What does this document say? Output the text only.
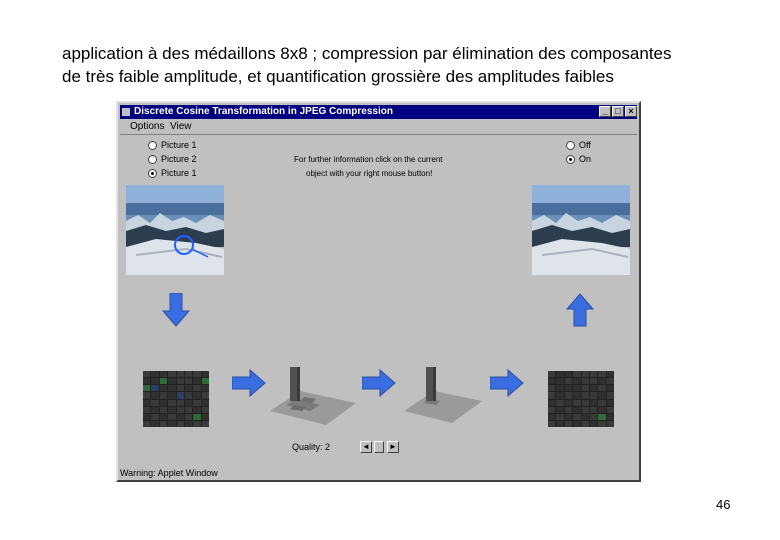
application à des médaillons 8x8 ; compression par élimination des composantes
de très faible amplitude, et quantification grossière des amplitudes faibles
Discrete Cosine Transformation in JPEG Compression	_ □ ×
Options View
Picture 1
Picture 2
Picture 1
For further information click on the current
object with your right mouse button!
Off
On
Quality: 2	◄ ►
Warning: Applet Window
46
